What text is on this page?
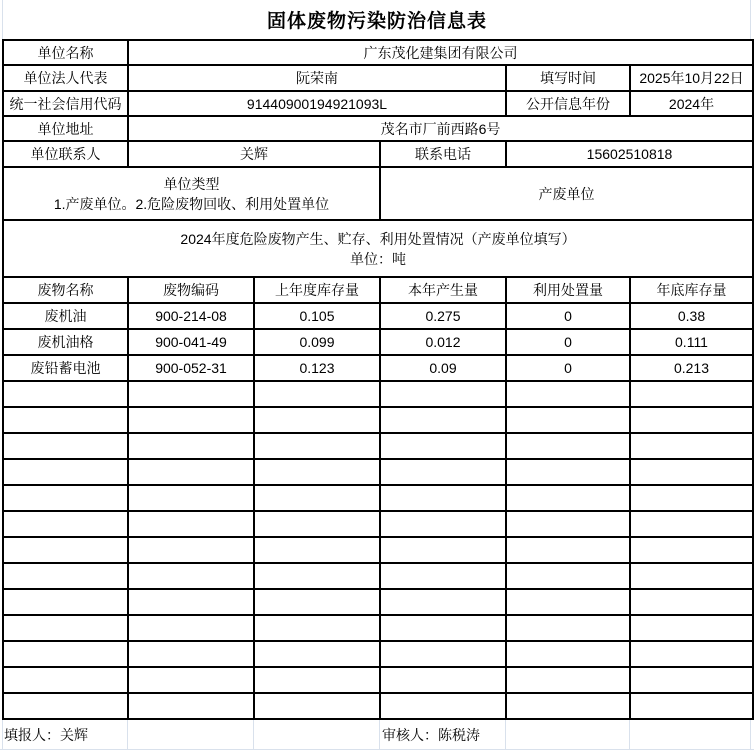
固体废物污染防治信息表
单位名称	广东茂化建集团有限公司				
单位法人代表	阮荣南			填写时间	2025年10月22日
统一社会信用代码	91440900194921093L			公开信息年份	2024年
单位地址	茂名市厂前西路6号				
单位联系人	关辉		联系电话	15602510818	

单位类型
1.产废单位。2.危险废物回收、利用处置单位			产废单位		

2024年度危险废物产生、贮存、利用处置情况（产废单位填写）
单位：吨					

废物名称	废物编码	上年度库存量	本年产生量	利用处置量	年底库存量
废机油	900-214-08	0.105	0.275	0	0.38
废机油格	900-041-49	0.099	0.012	0	0.111
废铅蓄电池	900-052-31	0.123	0.09	0	0.213

填报人：关辉	审核人：陈税涛
